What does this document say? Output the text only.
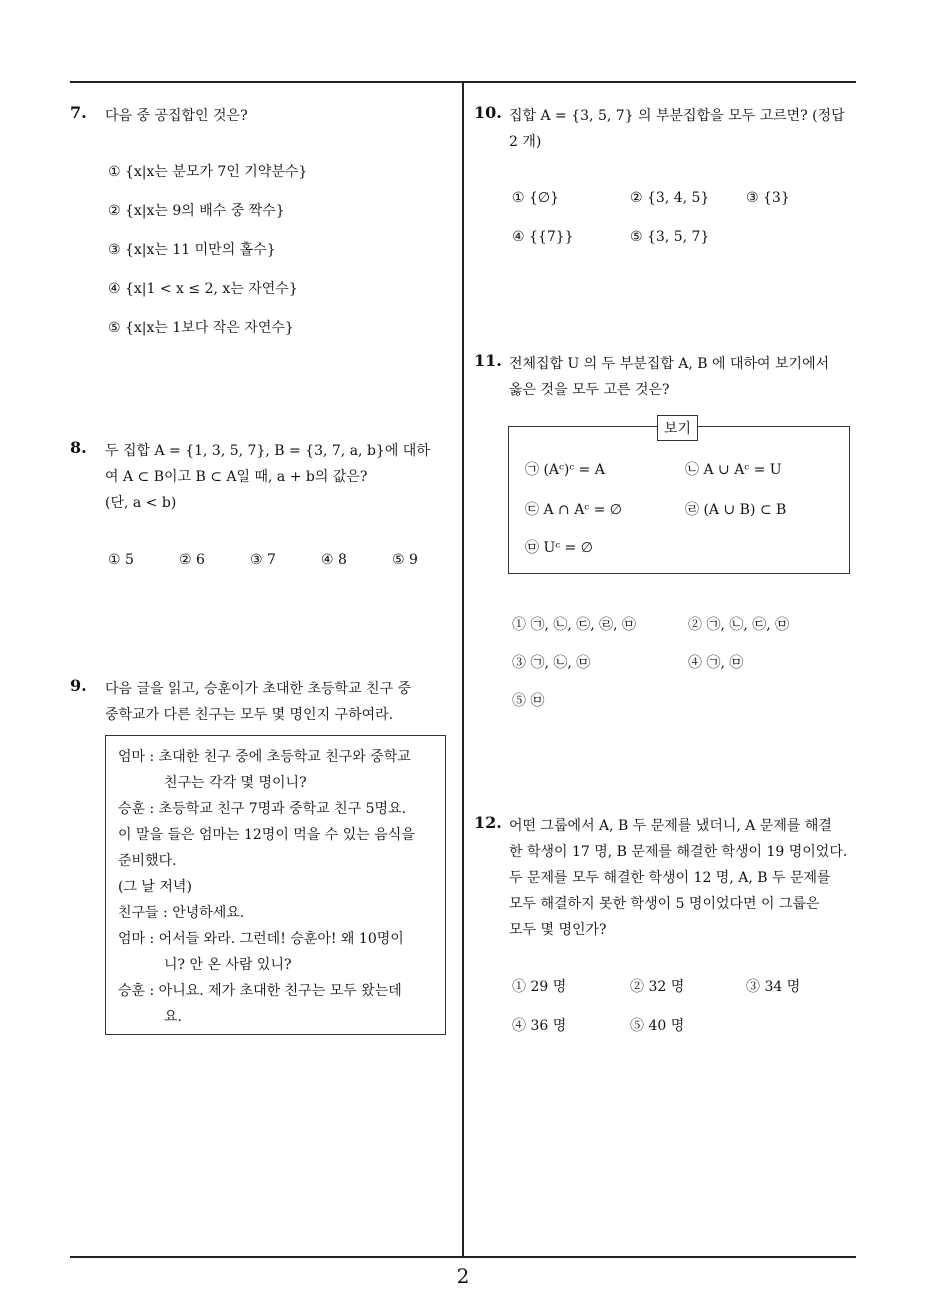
2
7. 다음 중 공집합인 것은?
① {x|x는 분모가 7인 기약분수}
② {x|x는 9의 배수 중 짝수}
③ {x|x는 11 미만의 홀수}
④ {x|1 < x ≤ 2, x는 자연수}
⑤ {x|x는 1보다 작은 자연수}
8. 두 집합 A = {1, 3, 5, 7}, B = {3, 7, a, b}에 대하
여 A ⊂ B이고 B ⊂ A일 때, a + b의 값은?
(단, a < b)
① 5	② 6	③ 7	④ 8	⑤ 9
9. 다음 글을 읽고, 승훈이가 초대한 초등학교 친구 중
중학교가 다른 친구는 모두 몇 명인지 구하여라.
엄마 : 초대한 친구 중에 초등학교 친구와 중학교
친구는 각각 몇 명이니?
승훈 : 초등학교 친구 7명과 중학교 친구 5명요.
이 말을 들은 엄마는 12명이 먹을 수 있는 음식을
준비했다.
(그 날 저녁)
친구들 : 안녕하세요.
엄마 : 어서들 와라. 그런데! 승훈아! 왜 10명이
니? 안 온 사람 있니?
승훈 : 아니요. 제가 초대한 친구는 모두 왔는데
요.
10. 집합 A = {3, 5, 7} 의 부분집합을 모두 고르면? (정답
2 개)
① {∅}	② {3, 4, 5}	③ {3}
④ {{7}}	⑤ {3, 5, 7}
11. 전체집합 U 의 두 부분집합 A, B 에 대하여 보기에서
옳은 것을 모두 고른 것은?
보기
㉠ (Aᶜ)ᶜ = A	㉡ A ∪ Aᶜ = U
㉢ A ∩ Aᶜ = ∅	㉣ (A ∪ B) ⊂ B
㉤ Uᶜ = ∅
① ㉠, ㉡, ㉢, ㉣, ㉤	② ㉠, ㉡, ㉢, ㉤
③ ㉠, ㉡, ㉤	④ ㉠, ㉤
⑤ ㉤
12. 어떤 그룹에서 A, B 두 문제를 냈더니, A 문제를 해결
한 학생이 17 명, B 문제를 해결한 학생이 19 명이었다.
두 문제를 모두 해결한 학생이 12 명, A, B 두 문제를
모두 해결하지 못한 학생이 5 명이었다면 이 그룹은
모두 몇 명인가?
① 29 명	② 32 명	③ 34 명
④ 36 명	⑤ 40 명
